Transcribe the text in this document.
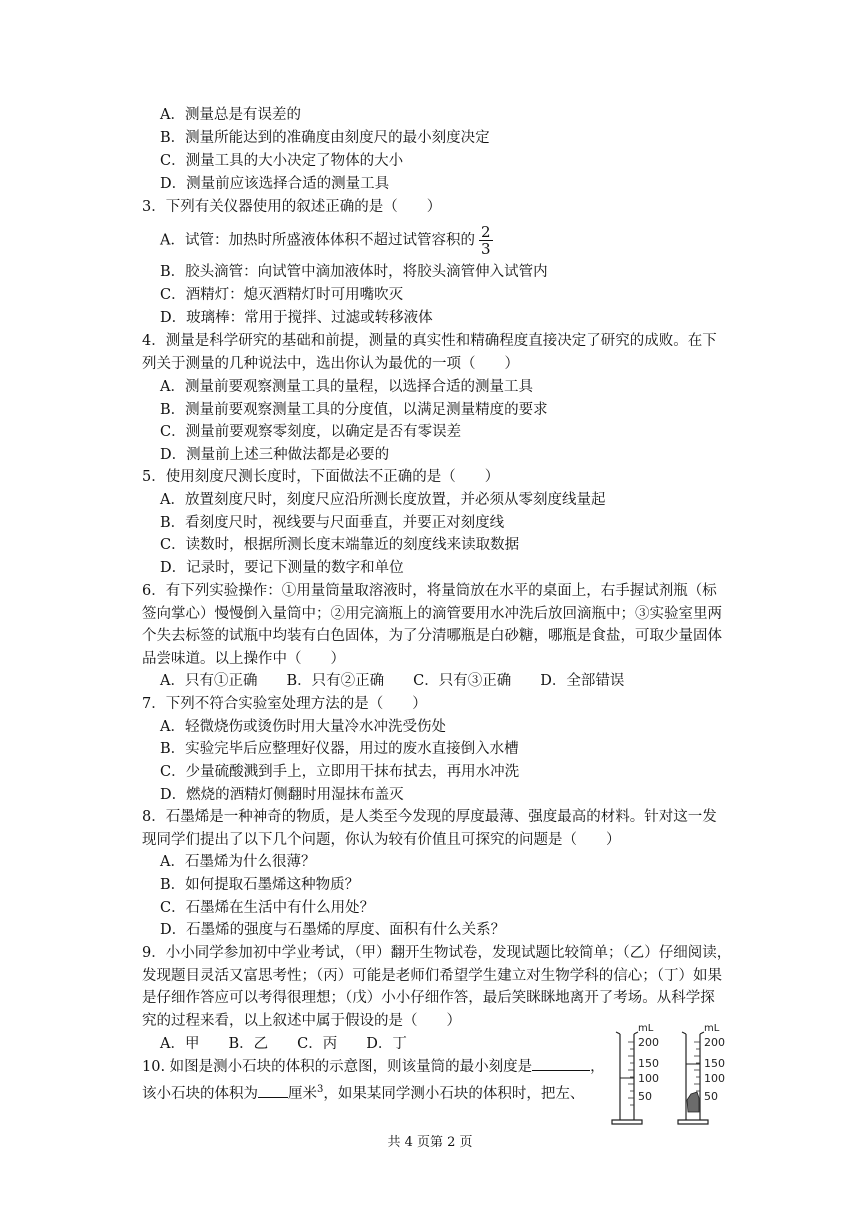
A．测量总是有误差的
B．测量所能达到的准确度由刻度尺的最小刻度决定
C．测量工具的大小决定了物体的大小
D．测量前应该选择合适的测量工具
3．下列有关仪器使用的叙述正确的是（　　）
A．试管：加热时所盛液体体积不超过试管容积的 $\frac{2}{3}$
B．胶头滴管：向试管中滴加液体时，将胶头滴管伸入试管内
C．酒精灯：熄灭酒精灯时可用嘴吹灭
D．玻璃棒：常用于搅拌、过滤或转移液体
4．测量是科学研究的基础和前提，测量的真实性和精确程度直接决定了研究的成败。在下
列关于测量的几种说法中，选出你认为最优的一项（　　）
A．测量前要观察测量工具的量程，以选择合适的测量工具
B．测量前要观察测量工具的分度值，以满足测量精度的要求
C．测量前要观察零刻度，以确定是否有零误差
D．测量前上述三种做法都是必要的
5．使用刻度尺测长度时，下面做法不正确的是（　　）
A．放置刻度尺时，刻度尺应沿所测长度放置，并必须从零刻度线量起
B．看刻度尺时，视线要与尺面垂直，并要正对刻度线
C．读数时，根据所测长度末端靠近的刻度线来读取数据
D．记录时，要记下测量的数字和单位
6．有下列实验操作：①用量筒量取溶液时，将量筒放在水平的桌面上，右手握试剂瓶（标
签向掌心）慢慢倒入量筒中；②用完滴瓶上的滴管要用水冲洗后放回滴瓶中；③实验室里两
个失去标签的试瓶中均装有白色固体，为了分清哪瓶是白砂糖，哪瓶是食盐，可取少量固体
品尝味道。以上操作中（　　）
A．只有①正确　　B．只有②正确　　C．只有③正确　　D．全部错误
7．下列不符合实验室处理方法的是（　　）
A．轻微烧伤或烫伤时用大量冷水冲洗受伤处
B．实验完毕后应整理好仪器，用过的废水直接倒入水槽
C．少量硫酸溅到手上，立即用干抹布拭去，再用水冲洗
D．燃烧的酒精灯侧翻时用湿抹布盖灭
8．石墨烯是一种神奇的物质，是人类至今发现的厚度最薄、强度最高的材料。针对这一发
现同学们提出了以下几个问题，你认为较有价值且可探究的问题是（　　）
A．石墨烯为什么很薄？
B．如何提取石墨烯这种物质？
C．石墨烯在生活中有什么用处？
D．石墨烯的强度与石墨烯的厚度、面积有什么关系？
9．小小同学参加初中学业考试，（甲）翻开生物试卷，发现试题比较简单；（乙）仔细阅读，
发现题目灵活又富思考性；（丙）可能是老师们希望学生建立对生物学科的信心；（丁）如果
是仔细作答应可以考得很理想；（戊）小小仔细作答，最后笑眯眯地离开了考场。从科学探
究的过程来看，以上叙述中属于假设的是（　　）
A．甲　　B．乙　　C．丙　　D．丁
10. 如图是测小石块的体积的示意图，则该量筒的最小刻度是	，
该小石块的体积为 厘米$^3$，如果某同学测小石块的体积时，把左、
mL
200
150
100
50
mL
200
150
100
50
共 4 页第 2 页
